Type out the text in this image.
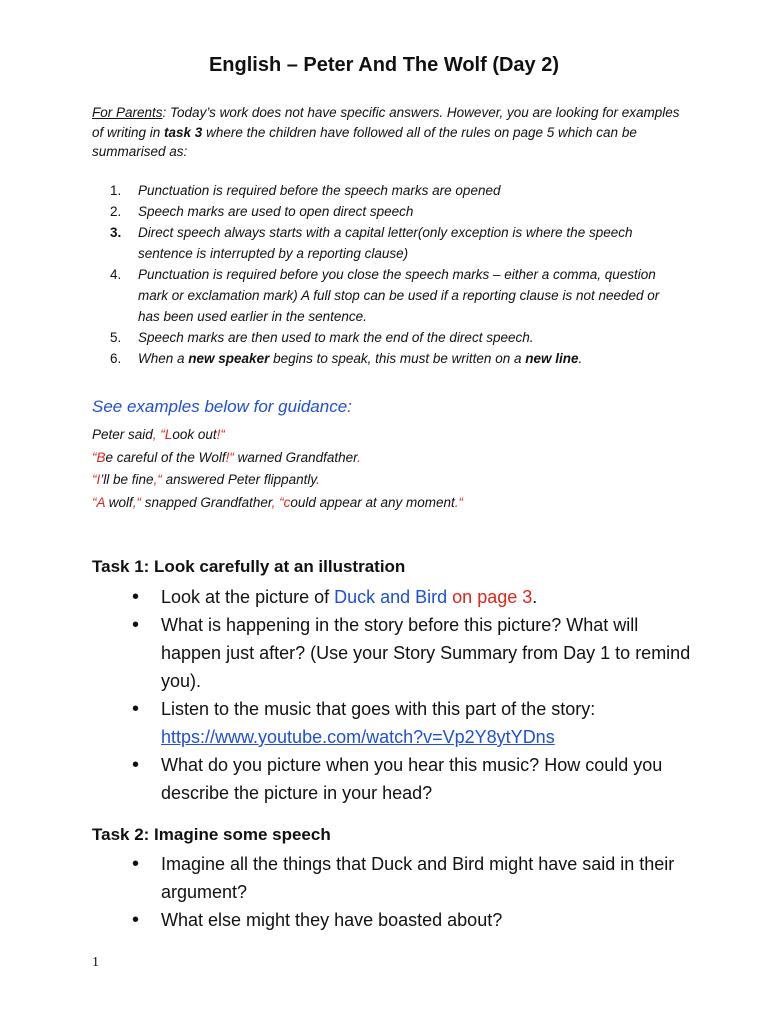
English – Peter And The Wolf (Day 2)
For Parents: Today’s work does not have specific answers. However, you are looking for examples of writing in task 3 where the children have followed all of the rules on page 5 which can be summarised as:
1.	Punctuation is required before the speech marks are opened
2.	Speech marks are used to open direct speech
3.	Direct speech always starts with a capital letter(only exception is where the speech sentence is interrupted by a reporting clause)
4.	Punctuation is required before you close the speech marks – either a comma, question mark or exclamation mark) A full stop can be used if a reporting clause is not needed or has been used earlier in the sentence.
5.	Speech marks are then used to mark the end of the direct speech.
6.	When a new speaker begins to speak, this must be written on a new line.
See examples below for guidance:
Peter said, “Look out!“
“Be careful of the Wolf!“ warned Grandfather.
“I’ll be fine,“ answered Peter flippantly.
“A wolf,“ snapped Grandfather, “could appear at any moment.“
Task 1: Look carefully at an illustration
• Look at the picture of Duck and Bird on page 3.
• What is happening in the story before this picture? What will happen just after? (Use your Story Summary from Day 1 to remind you).
• Listen to the music that goes with this part of the story: https://www.youtube.com/watch?v=Vp2Y8ytYDns
• What do you picture when you hear this music? How could you describe the picture in your head?
Task 2: Imagine some speech
• Imagine all the things that Duck and Bird might have said in their argument?
• What else might they have boasted about?
1
